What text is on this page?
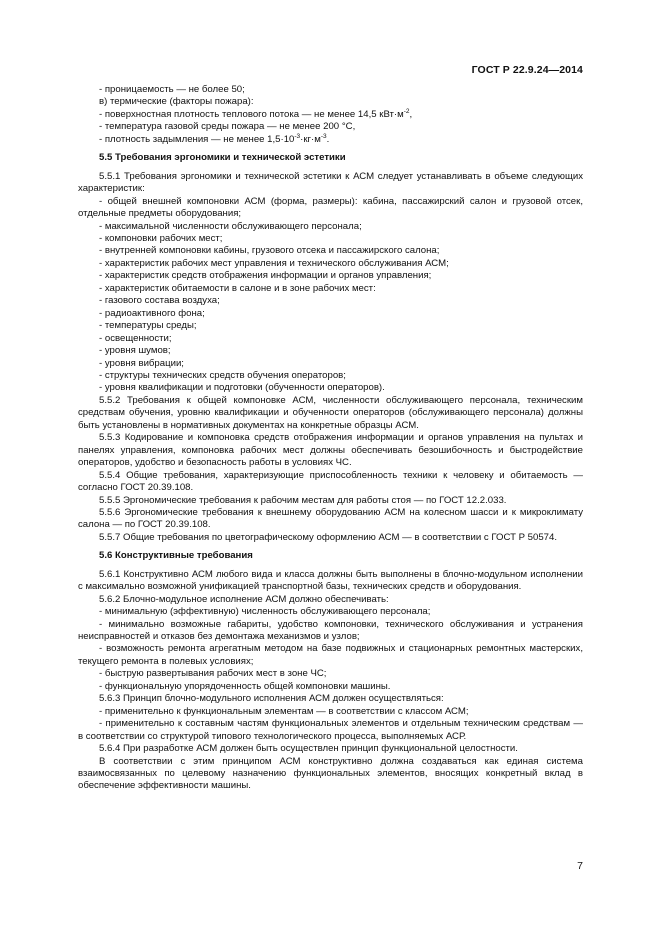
ГОСТ Р 22.9.24—2014

- проницаемость — не более 50;

в) термические (факторы пожара):

- поверхностная плотность теплового потока — не менее 14,5 $кВт\cdot м^{-2}$,

- температура газовой среды пожара — не менее 200 °С,

- плотность задымления — не менее $1,5\cdot 10^{-3}\cdot кг\cdot м^{-3}$.

5.5 Требования эргономики и технической эстетики

5.5.1 Требования эргономики и технической эстетики к АСМ следует устанавливать в объеме следующих характеристик:

- общей внешней компоновки АСМ (форма, размеры): кабина, пассажирский салон и грузовой отсек, отдельные предметы оборудования;

- максимальной численности обслуживающего персонала;

- компоновки рабочих мест;

- внутренней компоновки кабины, грузового отсека и пассажирского салона;

- характеристик рабочих мест управления и технического обслуживания АСМ;

- характеристик средств отображения информации и органов управления;

- характеристик обитаемости в салоне и в зоне рабочих мест:

- газового состава воздуха;

- радиоактивного фона;

- температуры среды;

- освещенности;

- уровня шумов;

- уровня вибрации;

- структуры технических средств обучения операторов;

- уровня квалификации и подготовки (обученности операторов).

5.5.2 Требования к общей компоновке АСМ, численности обслуживающего персонала, техническим средствам обучения, уровню квалификации и обученности операторов (обслуживающего персонала) должны быть установлены в нормативных документах на конкретные образцы АСМ.

5.5.3 Кодирование и компоновка средств отображения информации и органов управления на пультах и панелях управления, компоновка рабочих мест должны обеспечивать безошибочность и быстродействие операторов, удобство и безопасность работы в условиях ЧС.

5.5.4 Общие требования, характеризующие приспособленность техники к человеку и обитаемость — согласно ГОСТ 20.39.108.

5.5.5 Эргономические требования к рабочим местам для работы стоя — по ГОСТ 12.2.033.

5.5.6 Эргономические требования к внешнему оборудованию АСМ на колесном шасси и к микроклимату салона — по ГОСТ 20.39.108.

5.5.7 Общие требования по цветографическому оформлению АСМ — в соответствии с ГОСТ Р 50574.

5.6 Конструктивные требования

5.6.1 Конструктивно АСМ любого вида и класса должны быть выполнены в блочно-модульном исполнении с максимально возможной унификацией транспортной базы, технических средств и оборудования.

5.6.2 Блочно-модульное исполнение АСМ должно обеспечивать:

- минимальную (эффективную) численность обслуживающего персонала;

- минимально возможные габариты, удобство компоновки, технического обслуживания и устранения неисправностей и отказов без демонтажа механизмов и узлов;

- возможность ремонта агрегатным методом на базе подвижных и стационарных ремонтных мастерских, текущего ремонта в полевых условиях;

- быструю развертывания рабочих мест в зоне ЧС;

- функциональную упорядоченность общей компоновки машины.

5.6.3 Принцип блочно-модульного исполнения АСМ должен осуществляться:

- применительно к функциональным элементам — в соответствии с классом АСМ;

- применительно к составным частям функциональных элементов и отдельным техническим средствам — в соответствии со структурой типового технологического процесса, выполняемых АСР.

5.6.4 При разработке АСМ должен быть осуществлен принцип функциональной целостности.

В соответствии с этим принципом АСМ конструктивно должна создаваться как единая система взаимосвязанных по целевому назначению функциональных элементов, вносящих конкретный вклад в обеспечение эффективности машины.

7
